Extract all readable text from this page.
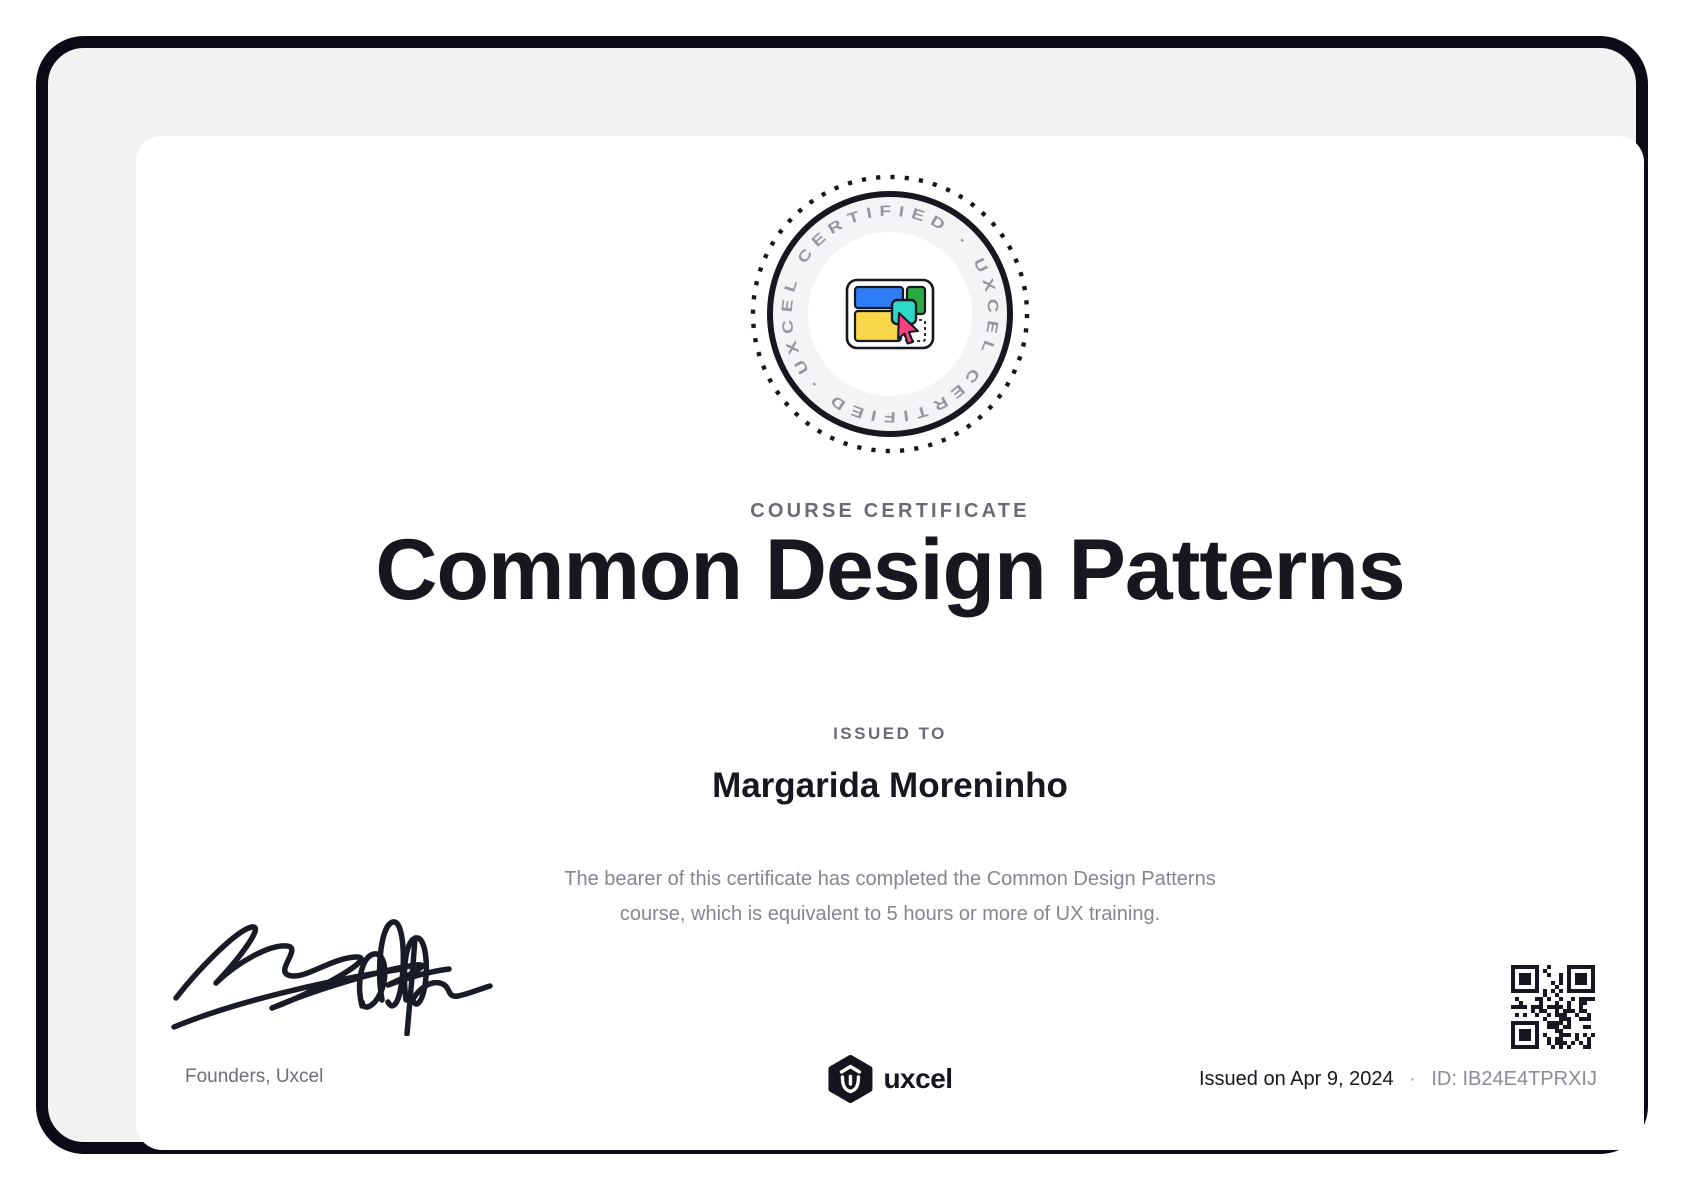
UXCEL CERTIFIED · UXCEL CERTIFIED ·
COURSE CERTIFICATE
Common Design Patterns
ISSUED TO
Margarida Moreninho
The bearer of this certificate has completed the Common Design Patterns
course, which is equivalent to 5 hours or more of UX training.
Founders, Uxcel	uxcel	Issued on Apr 9, 2024 · ID: IB24E4TPRXIJ
